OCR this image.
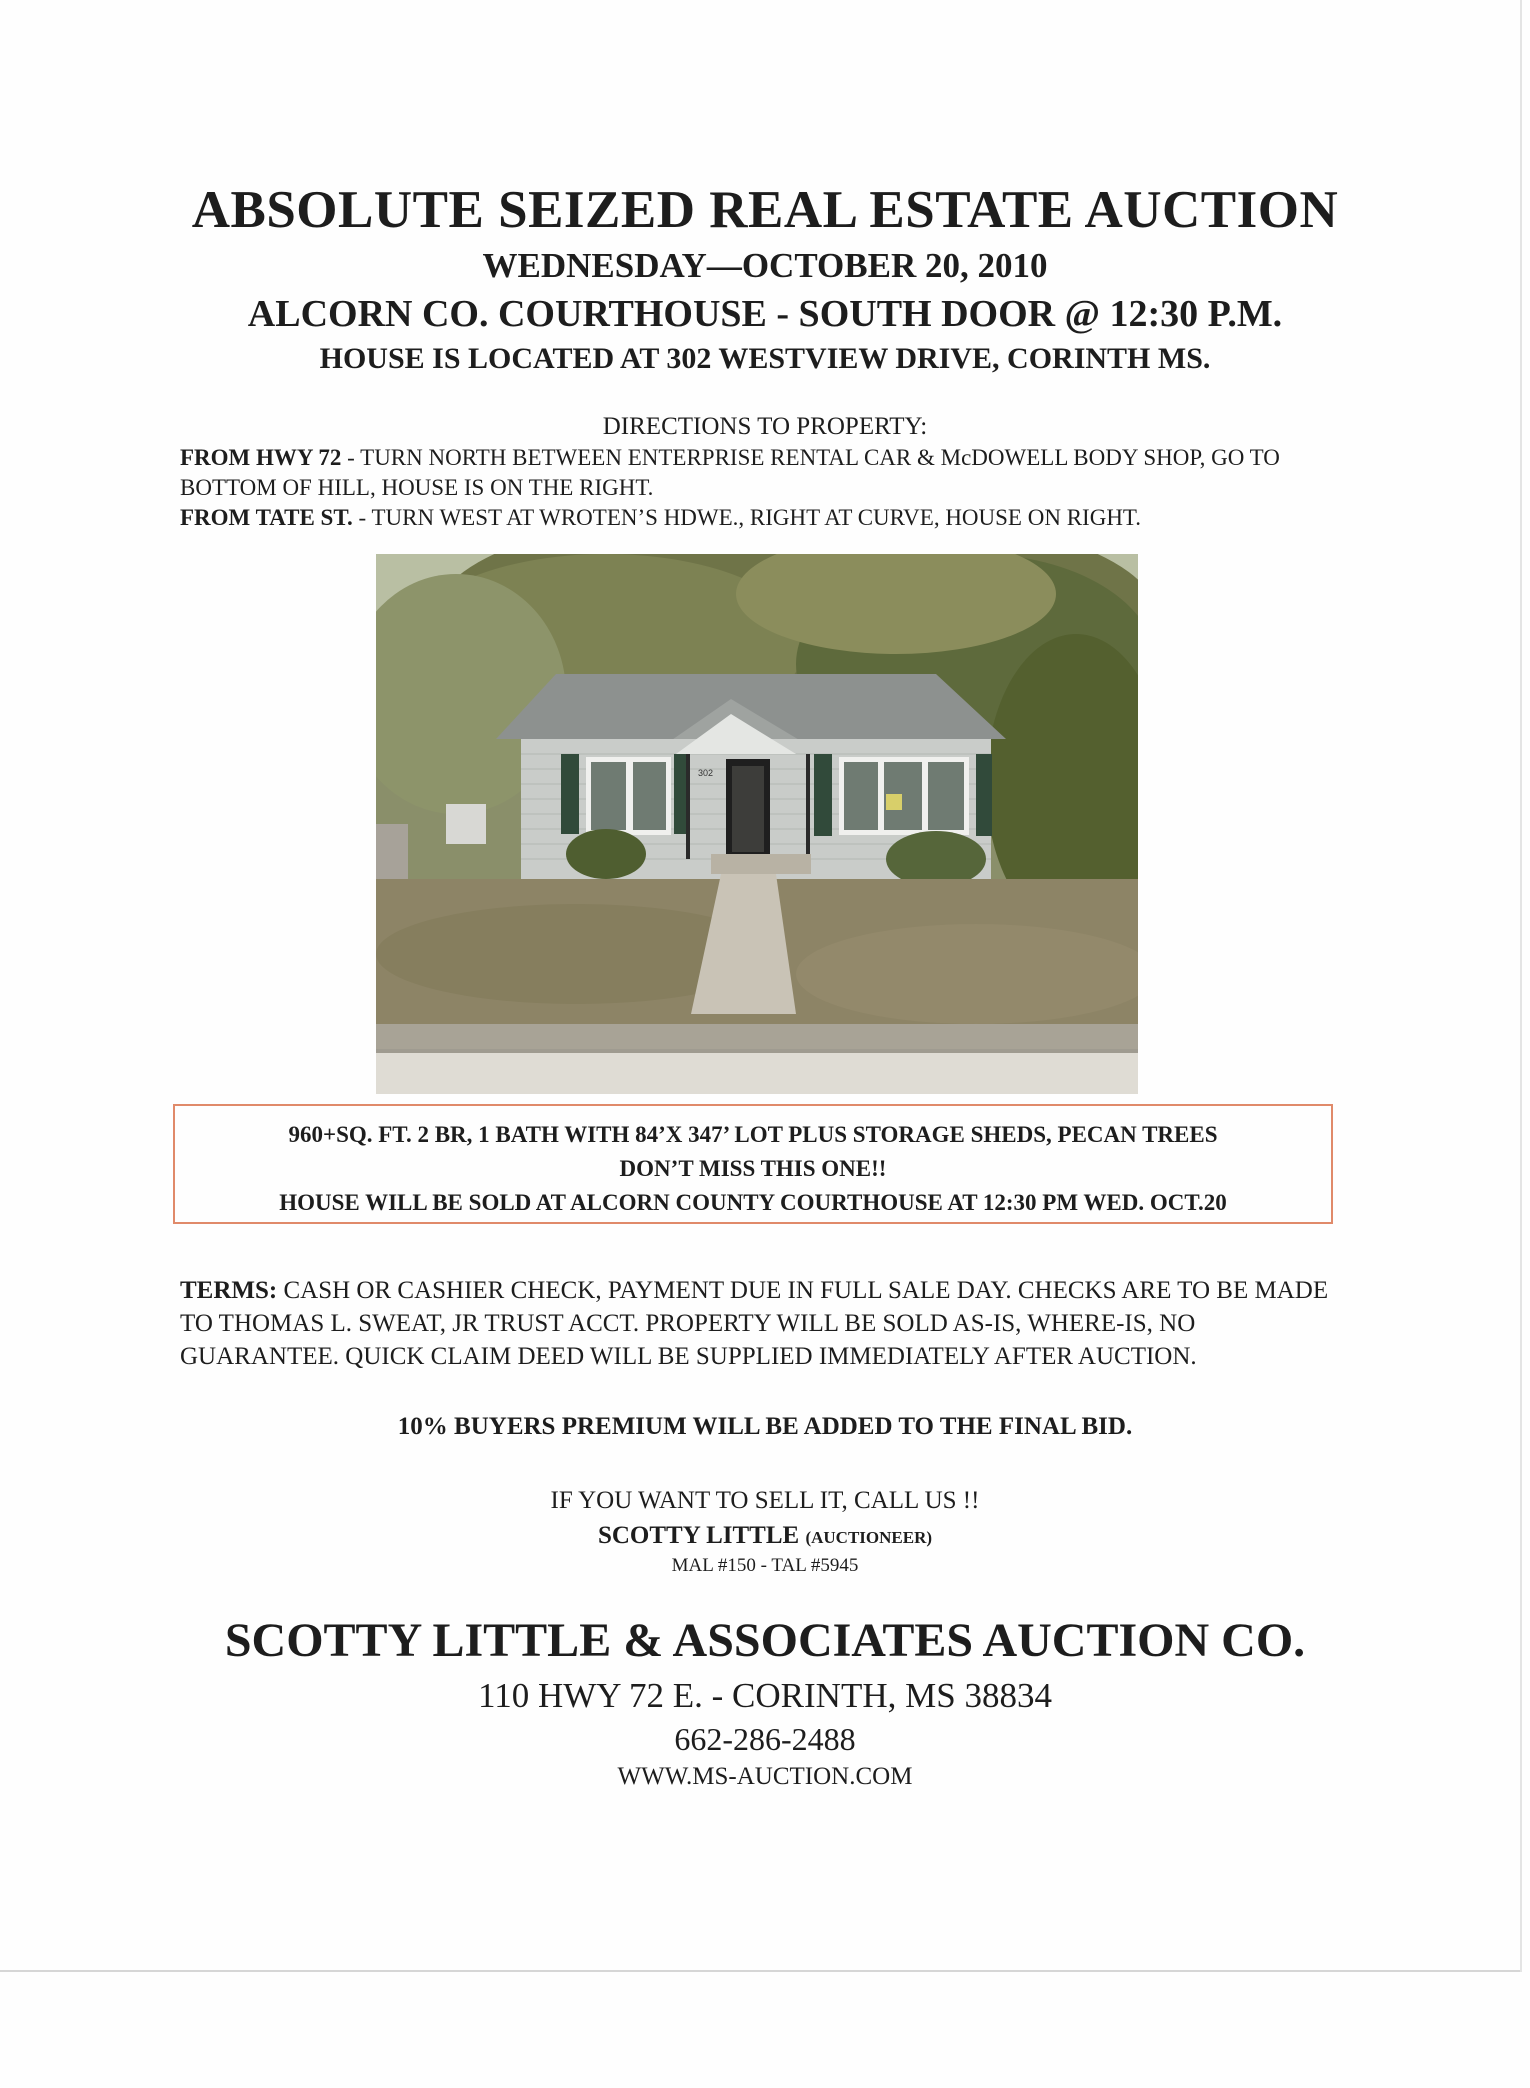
ABSOLUTE SEIZED REAL ESTATE AUCTION
WEDNESDAY—OCTOBER 20, 2010
ALCORN CO. COURTHOUSE - SOUTH DOOR @ 12:30 P.M.
HOUSE IS LOCATED AT 302 WESTVIEW DRIVE, CORINTH MS.
DIRECTIONS TO PROPERTY:

FROM HWY 72 - TURN NORTH BETWEEN ENTERPRISE RENTAL CAR & McDOWELL BODY SHOP, GO TO BOTTOM OF HILL, HOUSE IS ON THE RIGHT.

FROM TATE ST. - TURN WEST AT WROTEN’S HDWE., RIGHT AT CURVE, HOUSE ON RIGHT.

302
960+SQ. FT. 2 BR, 1 BATH WITH 84’X 347’ LOT PLUS STORAGE SHEDS, PECAN TREES
DON’T MISS THIS ONE!!
HOUSE WILL BE SOLD AT ALCORN COUNTY COURTHOUSE AT 12:30 PM WED. OCT.20
TERMS: CASH OR CASHIER CHECK, PAYMENT DUE IN FULL SALE DAY. CHECKS ARE TO BE MADE TO THOMAS L. SWEAT, JR TRUST ACCT. PROPERTY WILL BE SOLD AS-IS, WHERE-IS, NO GUARANTEE. QUICK CLAIM DEED WILL BE SUPPLIED IMMEDIATELY AFTER AUCTION.
10% BUYERS PREMIUM WILL BE ADDED TO THE FINAL BID.
IF YOU WANT TO SELL IT, CALL US !!
SCOTTY LITTLE (AUCTIONEER)
MAL #150 - TAL #5945
SCOTTY LITTLE & ASSOCIATES AUCTION CO.
110 HWY 72 E. - CORINTH, MS 38834
662-286-2488
WWW.MS-AUCTION.COM
